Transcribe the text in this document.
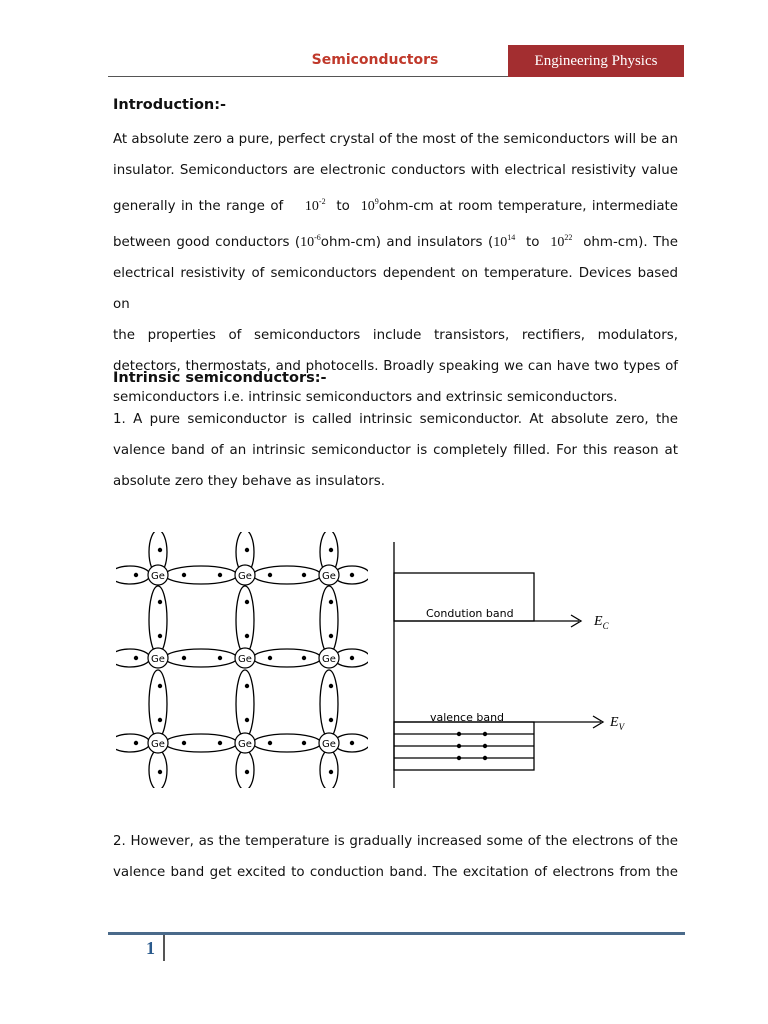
Semiconductors	Engineering Physics
Introduction:-

At absolute zero a pure, perfect crystal of the most of the semiconductors will be an
insulator. Semiconductors are electronic conductors with electrical resistivity value
generally in the range of $10^{-2}$ to $10^9ohm-cm$ at room temperature, intermediate
between good conductors $(10^{-6}ohm-cm)$ and insulators ($10^{14}$ to $10^{22}$ ohm-cm). The
electrical resistivity of semiconductors dependent on temperature. Devices based on
the properties of semiconductors include transistors, rectifiers, modulators,
detectors, thermostats, and photocells. Broadly speaking we can have two types of
semiconductors i.e. intrinsic semiconductors and extrinsic semiconductors.

Intrinsic semiconductors:-

1. A pure semiconductor is called intrinsic semiconductor. At absolute zero, the
valence band of an intrinsic semiconductor is completely filled. For this reason at
absolute zero they behave as insulators.

Ge	Ge	Ge
Ge	Ge	Ge
Ge	Ge	Ge
Condution band
valence band
$E_C$
$E_V$

2. However, as the temperature is gradually increased some of the electrons of the
valence band get excited to conduction band. The excitation of electrons from the

1
